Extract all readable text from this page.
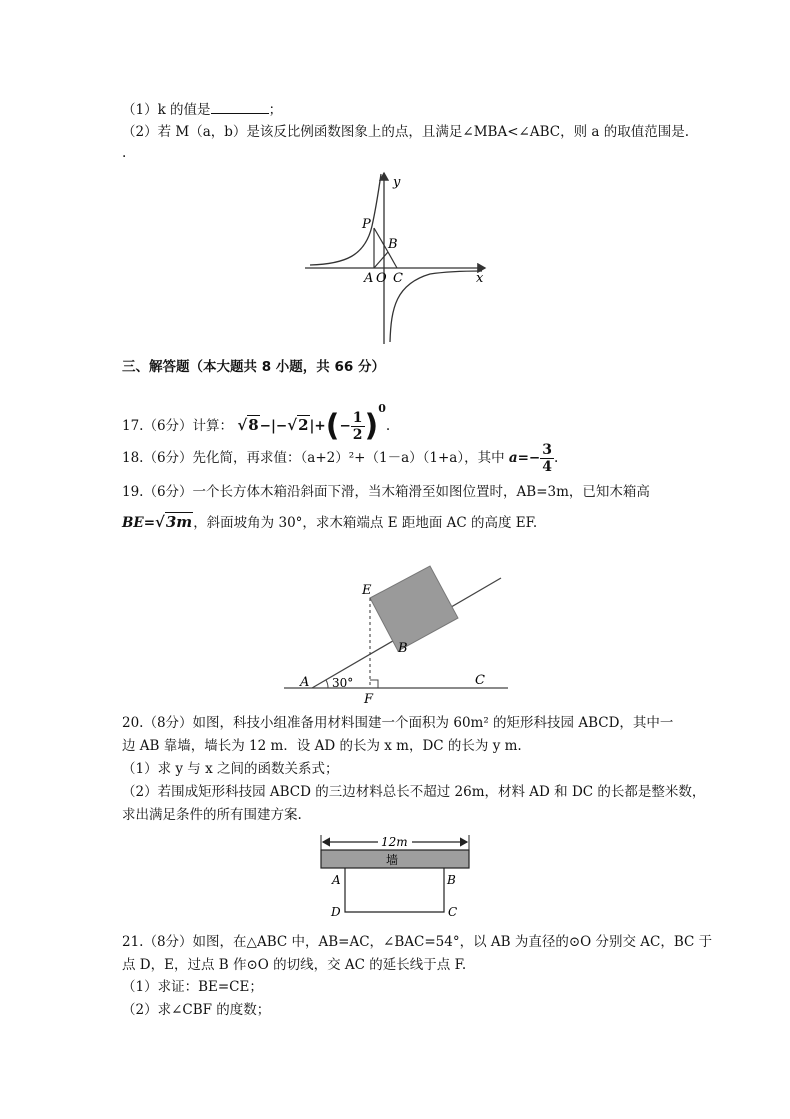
（1）k 的值是	；
（2）若 M（a，b）是该反比例函数图象上的点，且满足∠MBA<∠ABC，则 a 的取值范围是.
.
y
x
P
B
A O C
三、解答题（本大题共 8 小题，共 66 分）
17.（6分）计算： $√8-|-√2|+(- \frac{1}{2} )^0$.
18.（6分）先化简，再求值：（a+2）²+（1－a）（1+a），其中 $a=- \frac{3}{4}$ .
19.（6分）一个长方体木箱沿斜面下滑，当木箱滑至如图位置时，AB=3m，已知木箱高
BE=√3m，斜面坡角为 30°，求木箱端点 E 距地面 AC 的高度 EF.
E
B
A 30°
F
C
20.（8分）如图，科技小组准备用材料围建一个面积为 60m² 的矩形科技园 ABCD，其中一
边 AB 靠墙，墙长为 12 m．设 AD 的长为 x m，DC 的长为 y m.
（1）求 y 与 x 之间的函数关系式；
（2）若围成矩形科技园 ABCD 的三边材料总长不超过 26m，材料 AD 和 DC 的长都是整米数，
求出满足条件的所有围建方案.
12m
墙
A	B
D	C
21.（8分）如图，在△ABC 中，AB=AC，∠BAC=54°，以 AB 为直径的⊙O 分别交 AC，BC 于
点 D，E，过点 B 作⊙O 的切线，交 AC 的延长线于点 F.
（1）求证：BE=CE；
（2）求∠CBF 的度数；
